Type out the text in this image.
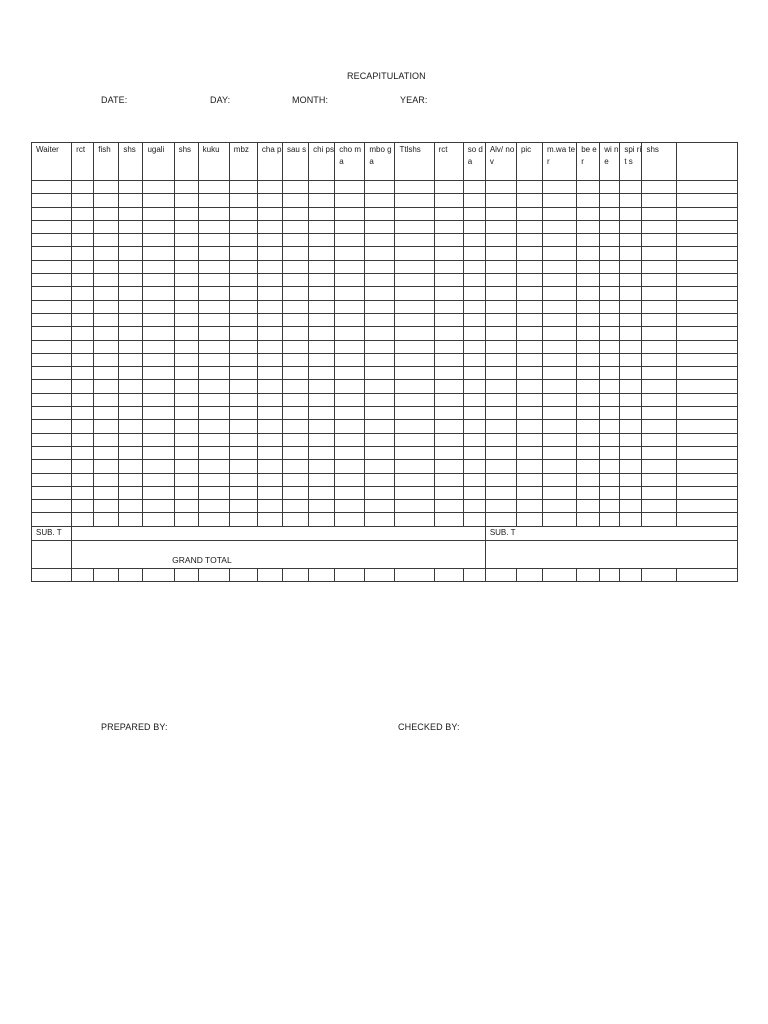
RECAPITULATION
DATE:	DAY:	MONTH:	YEAR:
Waiter	rct	fish	shs	ugali	shs	kuku	mbz	cha p	sau s	chi ps	cho ma	mbo ga	Ttlshs	rct	so da	Alv/ nov	pic	m.wa ter	be er	wi ne	spi rit s	shs	

SUB. T																SUB. T							
	GRAND TOTAL																						

PREPARED BY:	CHECKED BY:
